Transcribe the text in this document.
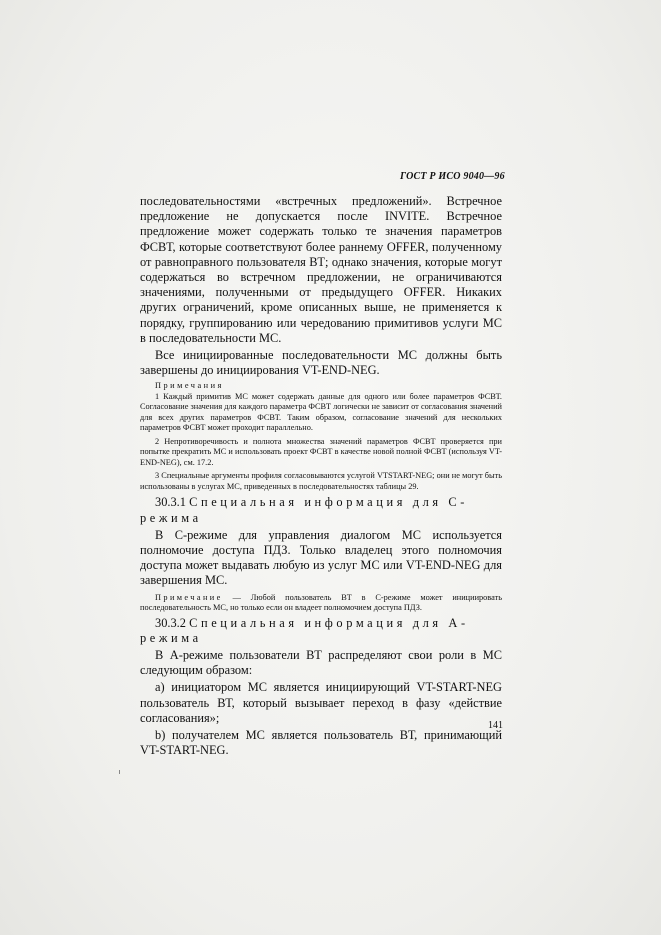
ГОСТ Р ИСО 9040—96

последовательностями «встречных предложений». Встречное предложение не допускается после INVITE. Встречное предложение может содержать только те значения параметров ФСВТ, которые соответствуют более раннему OFFER, полученному от равноправного пользователя ВТ; однако значения, которые могут содержаться во встречном предложении, не ограничиваются значениями, полученными от предыдущего OFFER. Никаких других ограничений, кроме описанных выше, не применяется к порядку, группированию или чередованию примитивов услуги МС в последовательности МС.

Все инициированные последовательности МС должны быть завершены до инициирования VT-END-NEG.

Примечания

1 Каждый примитив МС может содержать данные для одного или более параметров ФСВТ. Согласование значения для каждого параметра ФСВТ логически не зависит от согласования значений для всех других параметров ФСВТ. Таким образом, согласование значений для нескольких параметров ФСВТ может проходит параллельно.

2 Непротиворечивость и полнота множества значений параметров ФСВТ проверяется при попытке прекратить МС и использовать проект ФСВТ в качестве новой полной ФСВТ (используя VT-END-NEG), см. 17.2.

3 Специальные аргументы профиля согласовываются услугой VTSTART-NEG; они не могут быть использованы в услугах МС, приведенных в последовательностях таблицы 29.

30.3.1 Специальная информация для С-режима

В С-режиме для управления диалогом МС используется полномочие доступа ПДЗ. Только владелец этого полномочия доступа может выдавать любую из услуг МС или VT-END-NEG для завершения МС.

Примечание — Любой пользователь ВТ в С-режиме может инициировать последовательность МС, но только если он владеет полномочием доступа ПДЗ.

30.3.2 Специальная информация для А-режима

В А-режиме пользователи ВТ распределяют свои роли в МС следующим образом:

а) инициатором МС является инициирующий VT-START-NEG пользователь ВТ, который вызывает переход в фазу «действие согласования»;

b) получателем МС является пользователь ВТ, принимающий VT-START-NEG.

141
